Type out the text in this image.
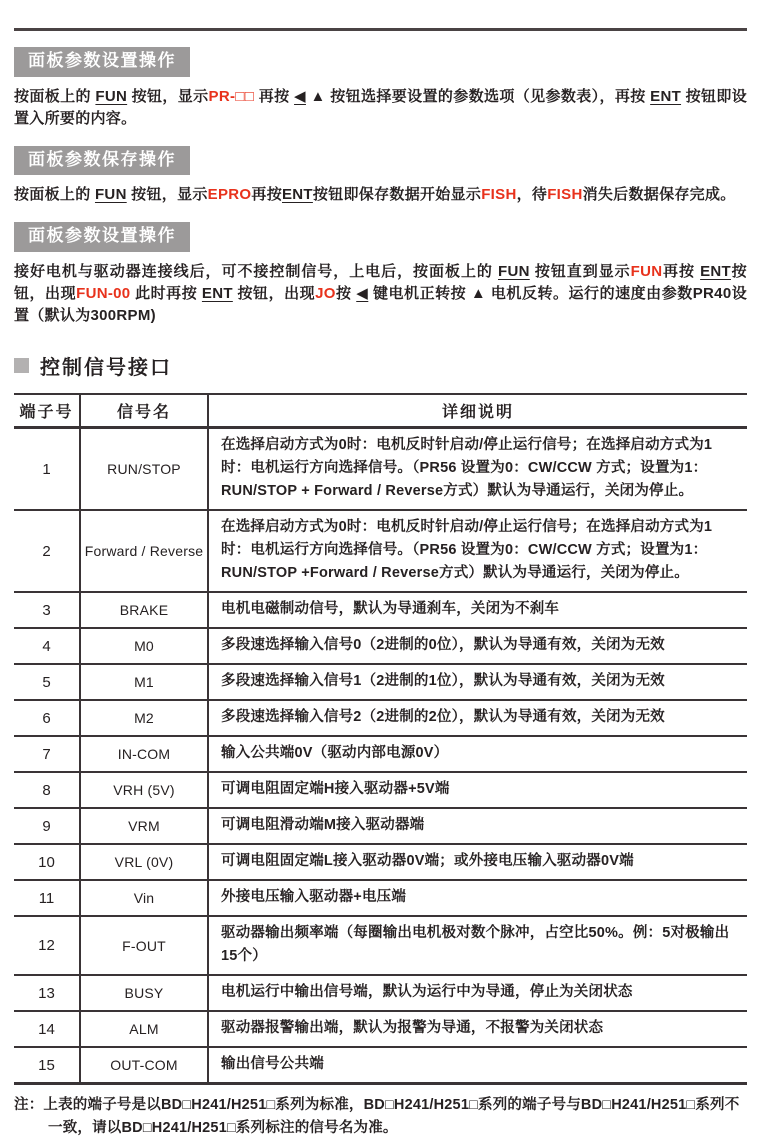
面板参数设置操作
按面板上的 FUN 按钮，显示PR-□□ 再按 ◀ ▲ 按钮选择要设置的参数选项（见参数表），再按 ENT 按钮即设置入所要的内容。
面板参数保存操作
按面板上的 FUN 按钮，显示EPRO再按ENT按钮即保存数据开始显示FISH，待FISH消失后数据保存完成。
面板参数设置操作
接好电机与驱动器连接线后，可不接控制信号，上电后，按面板上的 FUN 按钮直到显示FUN再按 ENT按钮，出现FUN-00 此时再按 ENT 按钮，出现JO按 ◀ 键电机正转按 ▲ 电机反转。运行的速度由参数PR40设置（默认为300RPM)
控制信号接口
端子号	信号名	详细说明
1	RUN/STOP	在选择启动方式为0时：电机反时针启动/停止运行信号；在选择启动方式为1时：电机运行方向选择信号。（PR56 设置为0：CW/CCW 方式；设置为1：RUN/STOP + Forward / Reverse方式）默认为导通运行，关闭为停止。
2	Forward / Reverse	在选择启动方式为0时：电机反时针启动/停止运行信号；在选择启动方式为1时：电机运行方向选择信号。（PR56 设置为0：CW/CCW 方式；设置为1：RUN/STOP +Forward / Reverse方式）默认为导通运行，关闭为停止。
3	BRAKE	电机电磁制动信号，默认为导通刹车，关闭为不刹车
4	M0	多段速选择输入信号0（2进制的0位），默认为导通有效，关闭为无效
5	M1	多段速选择输入信号1（2进制的1位），默认为导通有效，关闭为无效
6	M2	多段速选择输入信号2（2进制的2位），默认为导通有效，关闭为无效
7	IN-COM	输入公共端0V（驱动内部电源0V）
8	VRH (5V)	可调电阻固定端H接入驱动器+5V端
9	VRM	可调电阻滑动端M接入驱动器端
10	VRL (0V)	可调电阻固定端L接入驱动器0V端；或外接电压输入驱动器0V端
11	Vin	外接电压输入驱动器+电压端
12	F-OUT	驱动器输出频率端（每圈输出电机极对数个脉冲，占空比50%。例：5对极输出15个）
13	BUSY	电机运行中输出信号端，默认为运行中为导通，停止为关闭状态
14	ALM	驱动器报警输出端，默认为报警为导通，不报警为关闭状态
15	OUT-COM	输出信号公共端
注：上表的端子号是以BD□H241/H251□系列为标准，BD□H241/H251□系列的端子号与BD□H241/H251□系列不一致，请以BD□H241/H251□系列标注的信号名为准。
